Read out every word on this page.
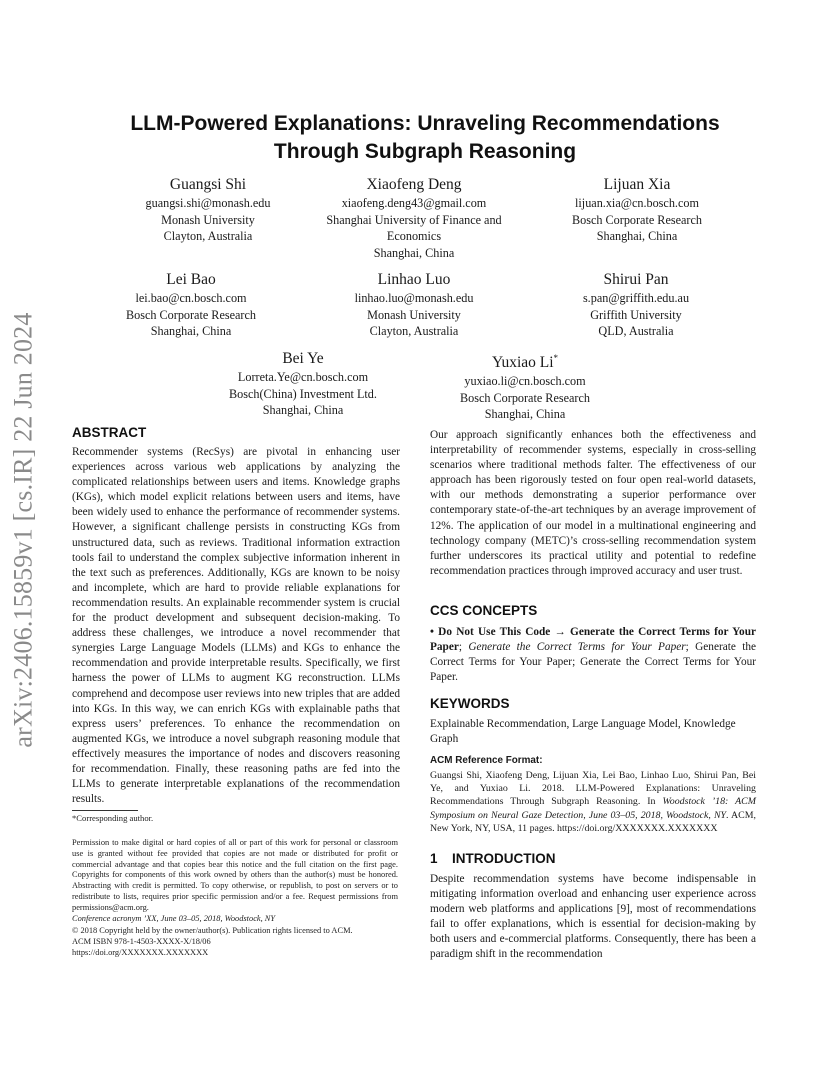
arXiv:2406.15859v1 [cs.IR] 22 Jun 2024
LLM-Powered Explanations: Unraveling Recommendations
Through Subgraph Reasoning
Guangsi Shi
guangsi.shi@monash.edu
Monash University
Clayton, Australia
Xiaofeng Deng
xiaofeng.deng43@gmail.com
Shanghai University of Finance and
Economics
Shanghai, China
Lijuan Xia
lijuan.xia@cn.bosch.com
Bosch Corporate Research
Shanghai, China
Lei Bao
lei.bao@cn.bosch.com
Bosch Corporate Research
Shanghai, China
Linhao Luo
linhao.luo@monash.edu
Monash University
Clayton, Australia
Shirui Pan
s.pan@griffith.edu.au
Griffith University
QLD, Australia
Bei Ye
Lorreta.Ye@cn.bosch.com
Bosch(China) Investment Ltd.
Shanghai, China
Yuxiao Li*
yuxiao.li@cn.bosch.com
Bosch Corporate Research
Shanghai, China
ABSTRACT

Recommender systems (RecSys) are pivotal in enhancing user experiences across various web applications by analyzing the complicated relationships between users and items. Knowledge graphs (KGs), which model explicit relations between users and items, have been widely used to enhance the performance of recommender systems. However, a significant challenge persists in constructing KGs from unstructured data, such as reviews. Traditional information extraction tools fail to understand the complex subjective information inherent in the text such as preferences. Additionally, KGs are known to be noisy and incomplete, which are hard to provide reliable explanations for recommendation results. An explainable recommender system is crucial for the product development and subsequent decision-making. To address these challenges, we introduce a novel recommender that synergies Large Language Models (LLMs) and KGs to enhance the recommendation and provide interpretable results. Specifically, we first harness the power of LLMs to augment KG reconstruction. LLMs comprehend and decompose user reviews into new triples that are added into KGs. In this way, we can enrich KGs with explainable paths that express users’ preferences. To enhance the recommendation on augmented KGs, we introduce a novel subgraph reasoning module that effectively measures the importance of nodes and discovers reasoning for recommendation. Finally, these reasoning paths are fed into the LLMs to generate interpretable explanations of the recommendation results.

*Corresponding author.

Permission to make digital or hard copies of all or part of this work for personal or classroom use is granted without fee provided that copies are not made or distributed for profit or commercial advantage and that copies bear this notice and the full citation on the first page. Copyrights for components of this work owned by others than the author(s) must be honored. Abstracting with credit is permitted. To copy otherwise, or republish, to post on servers or to redistribute to lists, requires prior specific permission and/or a fee. Request permissions from permissions@acm.org.

Conference acronym ’XX, June 03–05, 2018, Woodstock, NY

© 2018 Copyright held by the owner/author(s). Publication rights licensed to ACM.

ACM ISBN 978-1-4503-XXXX-X/18/06

https://doi.org/XXXXXXX.XXXXXXX

Our approach significantly enhances both the effectiveness and interpretability of recommender systems, especially in cross-selling scenarios where traditional methods falter. The effectiveness of our approach has been rigorously tested on four open real-world datasets, with our methods demonstrating a superior performance over contemporary state-of-the-art techniques by an average improvement of 12%. The application of our model in a multinational engineering and technology company (METC)’s cross-selling recommendation system further underscores its practical utility and potential to redefine recommendation practices through improved accuracy and user trust.

CCS CONCEPTS

• Do Not Use This Code → Generate the Correct Terms for Your Paper; Generate the Correct Terms for Your Paper; Generate the Correct Terms for Your Paper; Generate the Correct Terms for Your Paper.

KEYWORDS

Explainable Recommendation, Large Language Model, Knowledge Graph

ACM Reference Format:

Guangsi Shi, Xiaofeng Deng, Lijuan Xia, Lei Bao, Linhao Luo, Shirui Pan, Bei Ye, and Yuxiao Li. 2018. LLM-Powered Explanations: Unraveling Recommendations Through Subgraph Reasoning. In Woodstock ’18: ACM Symposium on Neural Gaze Detection, June 03–05, 2018, Woodstock, NY. ACM, New York, NY, USA, 11 pages. https://doi.org/XXXXXXX.XXXXXXX

1 INTRODUCTION

Despite recommendation systems have become indispensable in mitigating information overload and enhancing user experience across modern web platforms and applications [9], most of recommendations fail to offer explanations, which is essential for decision-making by both users and e-commercial platforms. Consequently, there has been a paradigm shift in the recommendation
